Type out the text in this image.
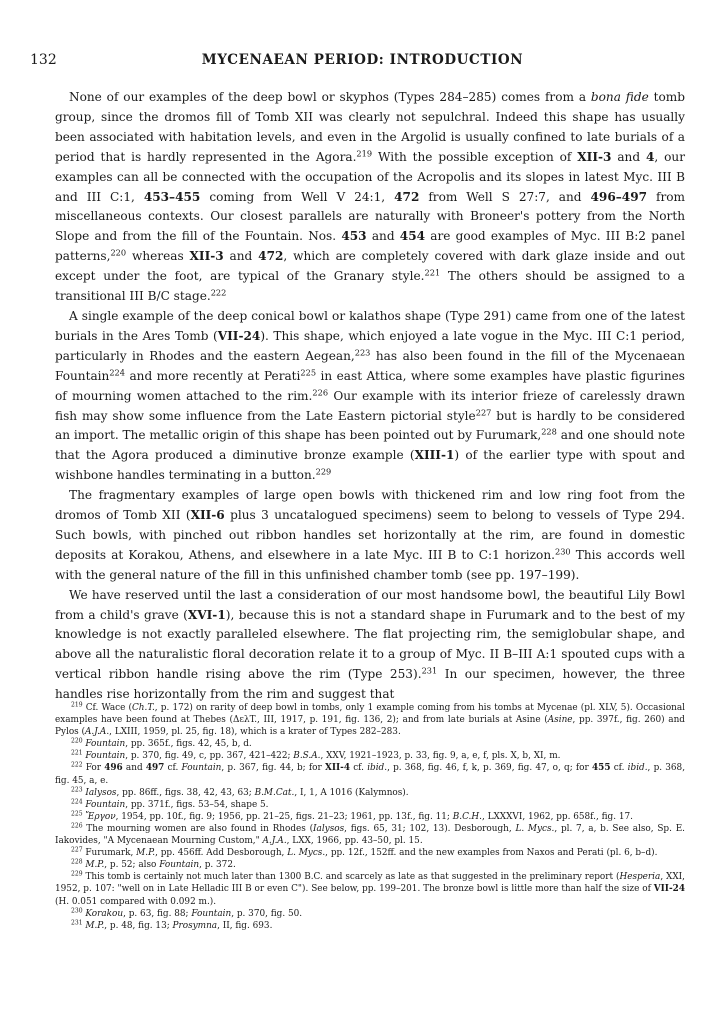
132	MYCENAEAN PERIOD: INTRODUCTION

None of our examples of the deep bowl or skyphos (Types 284–285) comes from a bona fide tomb group, since the dromos fill of Tomb XII was clearly not sepulchral. Indeed this shape has usually been associated with habitation levels, and even in the Argolid is usually confined to late burials of a period that is hardly represented in the Agora.$^{219}$ With the possible exception of XII-3 and 4, our examples can all be connected with the occupation of the Acropolis and its slopes in latest Myc. III B and III C:1, 453–455 coming from Well V 24:1, 472 from Well S 27:7, and 496–497 from miscellaneous contexts. Our closest parallels are naturally with Broneer's pottery from the North Slope and from the fill of the Fountain. Nos. 453 and 454 are good examples of Myc. III B:2 panel patterns,$^{220}$ whereas XII-3 and 472, which are completely covered with dark glaze inside and out except under the foot, are typical of the Granary style.$^{221}$ The others should be assigned to a transitional III B/C stage.$^{222}$

A single example of the deep conical bowl or kalathos shape (Type 291) came from one of the latest burials in the Ares Tomb (VII-24). This shape, which enjoyed a late vogue in the Myc. III C:1 period, particularly in Rhodes and the eastern Aegean,$^{223}$ has also been found in the fill of the Mycenaean Fountain$^{224}$ and more recently at Perati$^{225}$ in east Attica, where some examples have plastic figurines of mourning women attached to the rim.$^{226}$ Our example with its interior frieze of carelessly drawn fish may show some influence from the Late Eastern pictorial style$^{227}$ but is hardly to be considered an import. The metallic origin of this shape has been pointed out by Furumark,$^{228}$ and one should note that the Agora produced a diminutive bronze example (XIII-1) of the earlier type with spout and wishbone handles terminating in a button.$^{229}$

The fragmentary examples of large open bowls with thickened rim and low ring foot from the dromos of Tomb XII (XII-6 plus 3 uncatalogued specimens) seem to belong to vessels of Type 294. Such bowls, with pinched out ribbon handles set horizontally at the rim, are found in domestic deposits at Korakou, Athens, and elsewhere in a late Myc. III B to C:1 horizon.$^{230}$ This accords well with the general nature of the fill in this unfinished chamber tomb (see pp. 197–199).

We have reserved until the last a consideration of our most handsome bowl, the beautiful Lily Bowl from a child's grave (XVI-1), because this is not a standard shape in Furumark and to the best of my knowledge is not exactly paralleled elsewhere. The flat projecting rim, the semiglobular shape, and above all the naturalistic floral decoration relate it to a group of Myc. II B–III A:1 spouted cups with a vertical ribbon handle rising above the rim (Type 253).$^{231}$ In our specimen, however, the three handles rise horizontally from the rim and suggest that

$^{219}$ Cf. Wace (Ch.T., p. 172) on rarity of deep bowl in tombs, only 1 example coming from his tombs at Mycenae (pl. XLV, 5). Occasional examples have been found at Thebes (ΔελT., III, 1917, p. 191, fig. 136, 2); and from late burials at Asine (Asine, pp. 397f., fig. 260) and Pylos (A.J.A., LXIII, 1959, pl. 25, fig. 18), which is a krater of Types 282–283.

$^{220}$ Fountain, pp. 365f., figs. 42, 45, b, d.

$^{221}$ Fountain, p. 370, fig. 49, c, pp. 367, 421–422; B.S.A., XXV, 1921–1923, p. 33, fig. 9, a, e, f, pls. X, b, XI, m.

$^{222}$ For 496 and 497 cf. Fountain, p. 367, fig. 44, b; for XII-4 cf. ibid., p. 368, fig. 46, f, k, p. 369, fig. 47, o, q; for 455 cf. ibid., p. 368, fig. 45, a, e.

$^{223}$ Ialysos, pp. 86ff., figs. 38, 42, 43, 63; B.M.Cat., I, 1, A 1016 (Kalymnos).

$^{224}$ Fountain, pp. 371f., figs. 53–54, shape 5.

$^{225}$ Ἔργον, 1954, pp. 10f., fig. 9; 1956, pp. 21–25, figs. 21–23; 1961, pp. 13f., fig. 11; B.C.H., LXXXVI, 1962, pp. 658f., fig. 17.

$^{226}$ The mourning women are also found in Rhodes (Ialysos, figs. 65, 31; 102, 13). Desborough, L. Mycs., pl. 7, a, b. See also, Sp. E. Iakovides, "A Mycenaean Mourning Custom," A.J.A., LXX, 1966, pp. 43–50, pl. 15.

$^{227}$ Furumark, M.P., pp. 456ff. Add Desborough, L. Mycs., pp. 12f., 152ff. and the new examples from Naxos and Perati (pl. 6, b–d).

$^{228}$ M.P., p. 52; also Fountain, p. 372.

$^{229}$ This tomb is certainly not much later than 1300 B.C. and scarcely as late as that suggested in the preliminary report (Hesperia, XXI, 1952, p. 107: "well on in Late Helladic III B or even C"). See below, pp. 199–201. The bronze bowl is little more than half the size of VII-24 (H. 0.051 compared with 0.092 m.).

$^{230}$ Korakou, p. 63, fig. 88; Fountain, p. 370, fig. 50.

$^{231}$ M.P., p. 48, fig. 13; Prosymna, II, fig. 693.
